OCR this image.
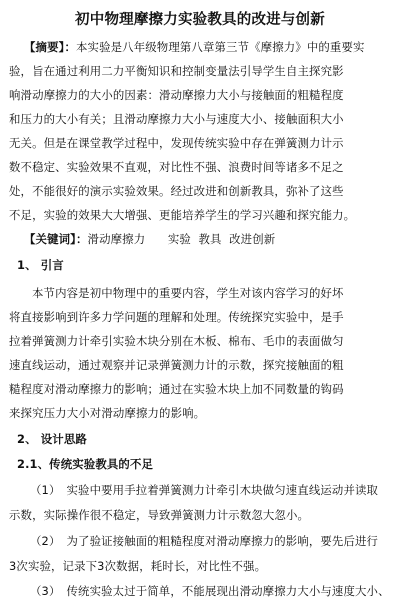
初中物理摩擦力实验教具的改进与创新
【摘要】：本实验是八年级物理第八章第三节《摩擦力》中的重要实
验，旨在通过利用二力平衡知识和控制变量法引导学生自主探究影
响滑动摩擦力的大小的因素：滑动摩擦力大小与接触面的粗糙程度
和压力的大小有关；且滑动摩擦力大小与速度大小、接触面积大小
无关。但是在课堂教学过程中，发现传统实验中存在弹簧测力计示
数不稳定、实验效果不直观，对比性不强、浪费时间等诸多不足之
处，不能很好的演示实验效果。经过改进和创新教具，弥补了这些
不足，实验的效果大大增强、更能培养学生的学习兴趣和探究能力。
【关键词】：滑动摩擦力      实验  教具  改进创新
1、 引言
本节内容是初中物理中的重要内容，学生对该内容学习的好坏
将直接影响到许多力学问题的理解和处理。传统探究实验中，是手
拉着弹簧测力计牵引实验木块分别在木板、棉布、毛巾的表面做匀
速直线运动，通过观察并记录弹簧测力计的示数，探究接触面的粗
糙程度对滑动摩擦力的影响；通过在实验木块上加不同数量的钩码
来探究压力大小对滑动摩擦力的影响。
2、 设计思路
2.1、传统实验教具的不足
（1） 实验中要用手拉着弹簧测力计牵引木块做匀速直线运动并读取
示数，实际操作很不稳定，导致弹簧测力计示数忽大忽小。
（2） 为了验证接触面的粗糙程度对滑动摩擦力的影响，要先后进行
3次实验，记录下3次数据，耗时长，对比性不强。
（3） 传统实验太过于简单，不能展现出滑动摩擦力大小与速度大小、
